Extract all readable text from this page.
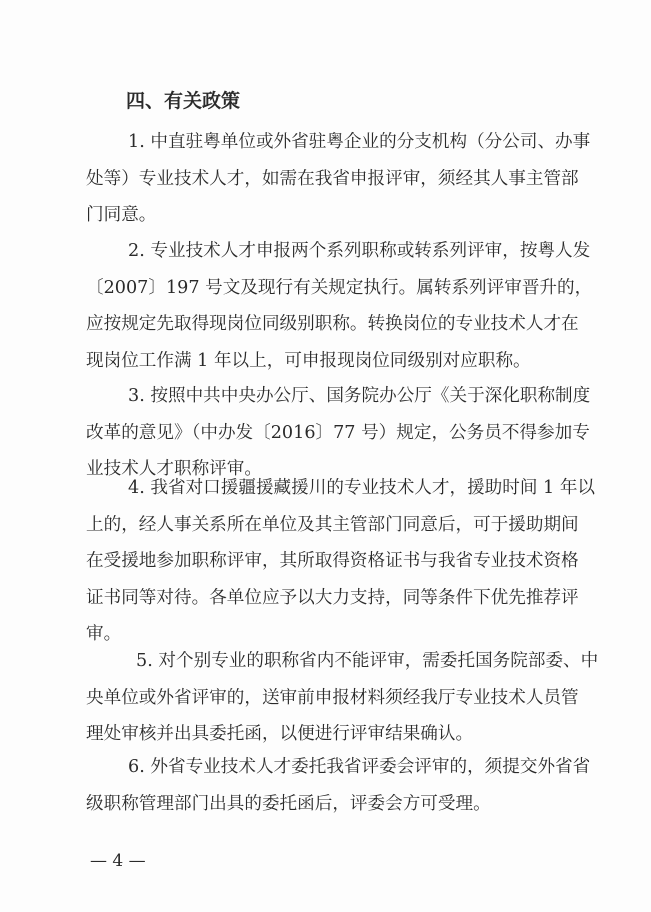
四、有关政策
1. 中直驻粤单位或外省驻粤企业的分支机构（分公司、办事
处等）专业技术人才，如需在我省申报评审，须经其人事主管部
门同意。
2. 专业技术人才申报两个系列职称或转系列评审，按粤人发
〔2007〕197 号文及现行有关规定执行。属转系列评审晋升的，
应按规定先取得现岗位同级别职称。转换岗位的专业技术人才在
现岗位工作满 1 年以上，可申报现岗位同级别对应职称。
3. 按照中共中央办公厅、国务院办公厅《关于深化职称制度
改革的意见》（中办发〔2016〕77 号）规定，公务员不得参加专
业技术人才职称评审。
4. 我省对口援疆援藏援川的专业技术人才，援助时间 1 年以
上的，经人事关系所在单位及其主管部门同意后，可于援助期间
在受援地参加职称评审，其所取得资格证书与我省专业技术资格
证书同等对待。各单位应予以大力支持，同等条件下优先推荐评
审。
5. 对个别专业的职称省内不能评审，需委托国务院部委、中
央单位或外省评审的，送审前申报材料须经我厅专业技术人员管
理处审核并出具委托函，以便进行评审结果确认。
6. 外省专业技术人才委托我省评委会评审的，须提交外省省
级职称管理部门出具的委托函后，评委会方可受理。
— 4 —
